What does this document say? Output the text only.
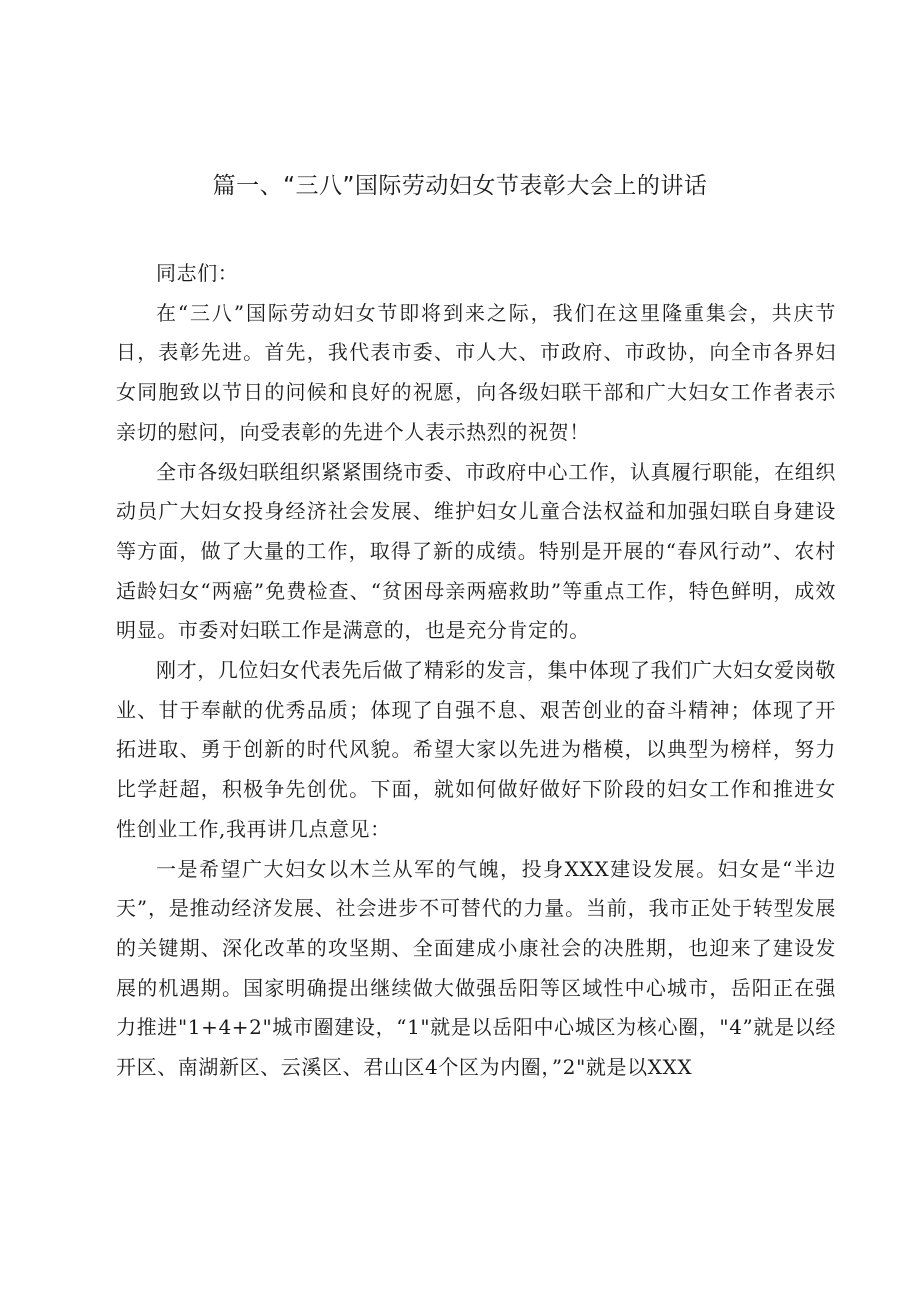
篇一、“三八”国际劳动妇女节表彰大会上的讲话

同志们：

在“三八”国际劳动妇女节即将到来之际，我们在这里隆重集会，共庆节日，表彰先进。首先，我代表市委、市人大、市政府、市政协，向全市各界妇女同胞致以节日的问候和良好的祝愿，向各级妇联干部和广大妇女工作者表示亲切的慰问，向受表彰的先进个人表示热烈的祝贺！

全市各级妇联组织紧紧围绕市委、市政府中心工作，认真履行职能，在组织动员广大妇女投身经济社会发展、维护妇女儿童合法权益和加强妇联自身建设等方面，做了大量的工作，取得了新的成绩。特别是开展的“春风行动”、农村适龄妇女“两癌”免费检查、“贫困母亲两癌救助”等重点工作，特色鲜明，成效明显。市委对妇联工作是满意的，也是充分肯定的。

刚才，几位妇女代表先后做了精彩的发言，集中体现了我们广大妇女爱岗敬业、甘于奉献的优秀品质；体现了自强不息、艰苦创业的奋斗精神；体现了开拓进取、勇于创新的时代风貌。希望大家以先进为楷模，以典型为榜样，努力比学赶超，积极争先创优。下面，就如何做好做好下阶段的妇女工作和推进女性创业工作,我再讲几点意见：

一是希望广大妇女以木兰从军的气魄，投身XXX建设发展。妇女是“半边天”，是推动经济发展、社会进步不可替代的力量。当前，我市正处于转型发展的关键期、深化改革的攻坚期、全面建成小康社会的决胜期，也迎来了建设发展的机遇期。国家明确提出继续做大做强岳阳等区域性中心城市，岳阳正在强力推进"1+4+2"城市圈建设，“1"就是以岳阳中心城区为核心圈，"4”就是以经开区、南湖新区、云溪区、君山区4个区为内圈，”2"就是以XXX
